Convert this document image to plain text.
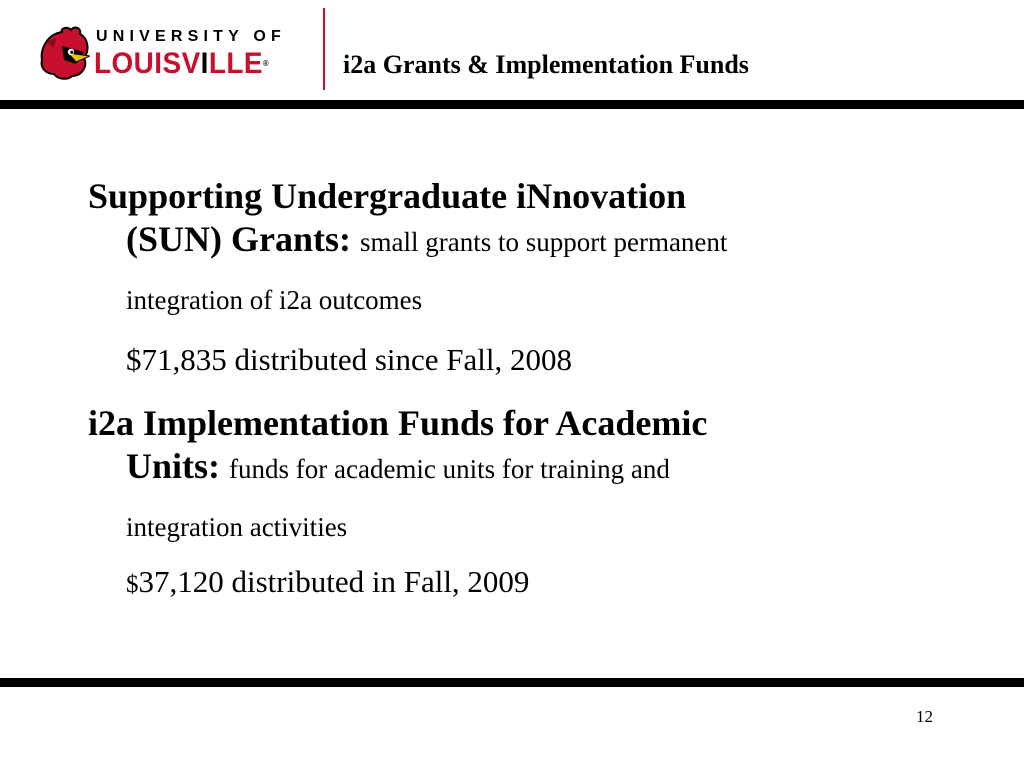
UNIVERSITY OF
LOUISVILLE®	i2a Grants & Implementation Funds
Supporting Undergraduate iNnovation
(SUN) Grants: small grants to support permanent
integration of i2a outcomes
$71,835 distributed since Fall, 2008
i2a Implementation Funds for Academic
Units: funds for academic units for training and
integration activities
$37,120 distributed in Fall, 2009
12
